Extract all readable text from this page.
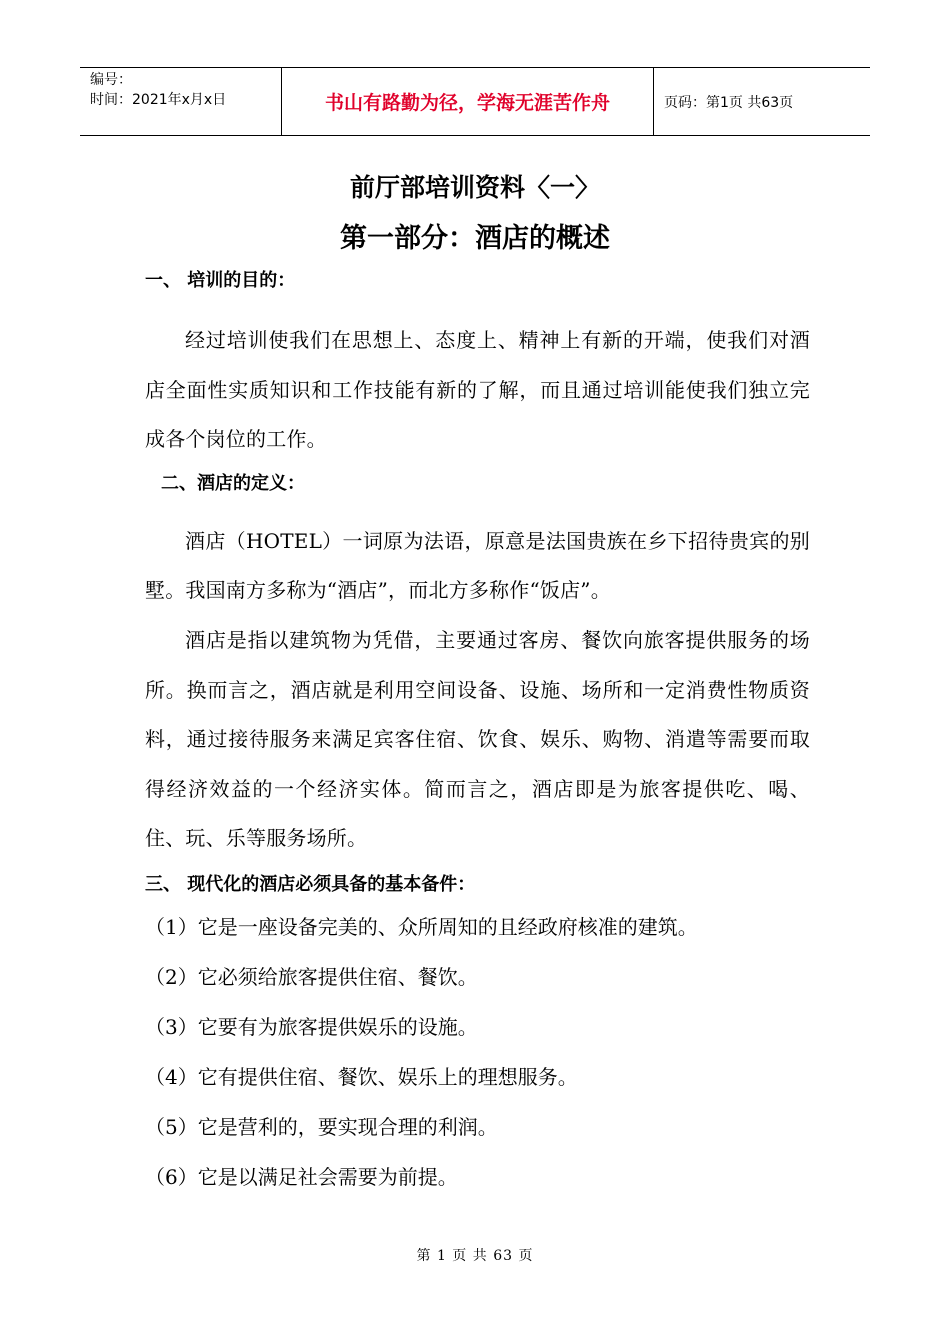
编号：
时间：2021年x月x日	书山有路勤为径，学海无涯苦作舟	页码：第1页 共63页
前厅部培训资料〈一〉
第一部分：酒店的概述

一、 培训的目的：

经过培训使我们在思想上、态度上、精神上有新的开端，使我们对酒店全面性实质知识和工作技能有新的了解，而且通过培训能使我们独立完成各个岗位的工作。

二、酒店的定义：

酒店（HOTEL）一词原为法语，原意是法国贵族在乡下招待贵宾的别墅。我国南方多称为“酒店”，而北方多称作“饭店”。

酒店是指以建筑物为凭借，主要通过客房、餐饮向旅客提供服务的场所。换而言之，酒店就是利用空间设备、设施、场所和一定消费性物质资料，通过接待服务来满足宾客住宿、饮食、娱乐、购物、消遣等需要而取得经济效益的一个经济实体。简而言之，酒店即是为旅客提供吃、喝、住、玩、乐等服务场所。

三、 现代化的酒店必须具备的基本备件：

（1）它是一座设备完美的、众所周知的且经政府核准的建筑。

（2）它必须给旅客提供住宿、餐饮。

（3）它要有为旅客提供娱乐的设施。

（4）它有提供住宿、餐饮、娱乐上的理想服务。

（5）它是营利的，要实现合理的利润。

（6）它是以满足社会需要为前提。

第 1 页 共 63 页
